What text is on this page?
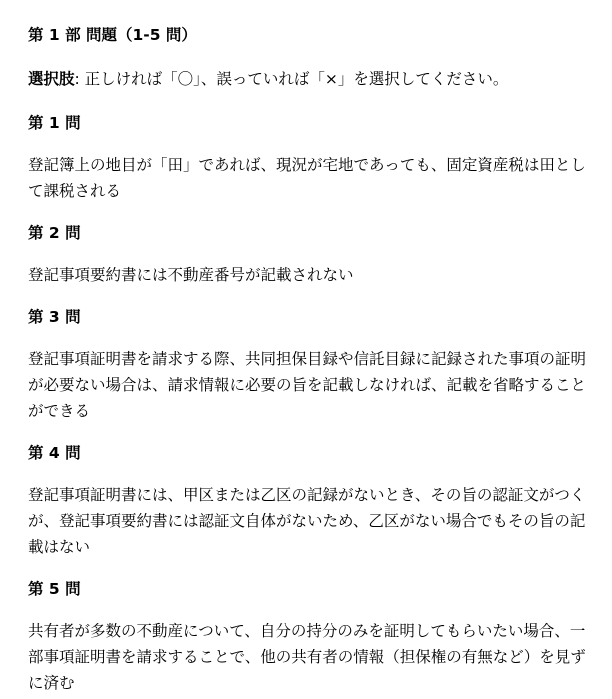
第 1 部 問題（1-5 問）
選択肢: 正しければ「〇」、誤っていれば「×」を選択してください。
第 1 問
登記簿上の地目が「田」であれば、現況が宅地であっても、固定資産税は田として課税される
第 2 問
登記事項要約書には不動産番号が記載されない
第 3 問
登記事項証明書を請求する際、共同担保目録や信託目録に記録された事項の証明が必要ない場合は、請求情報に必要の旨を記載しなければ、記載を省略することができる
第 4 問
登記事項証明書には、甲区または乙区の記録がないとき、その旨の認証文がつくが、登記事項要約書には認証文自体がないため、乙区がない場合でもその旨の記載はない
第 5 問
共有者が多数の不動産について、自分の持分のみを証明してもらいたい場合、一部事項証明書を請求することで、他の共有者の情報（担保権の有無など）を見ずに済む
